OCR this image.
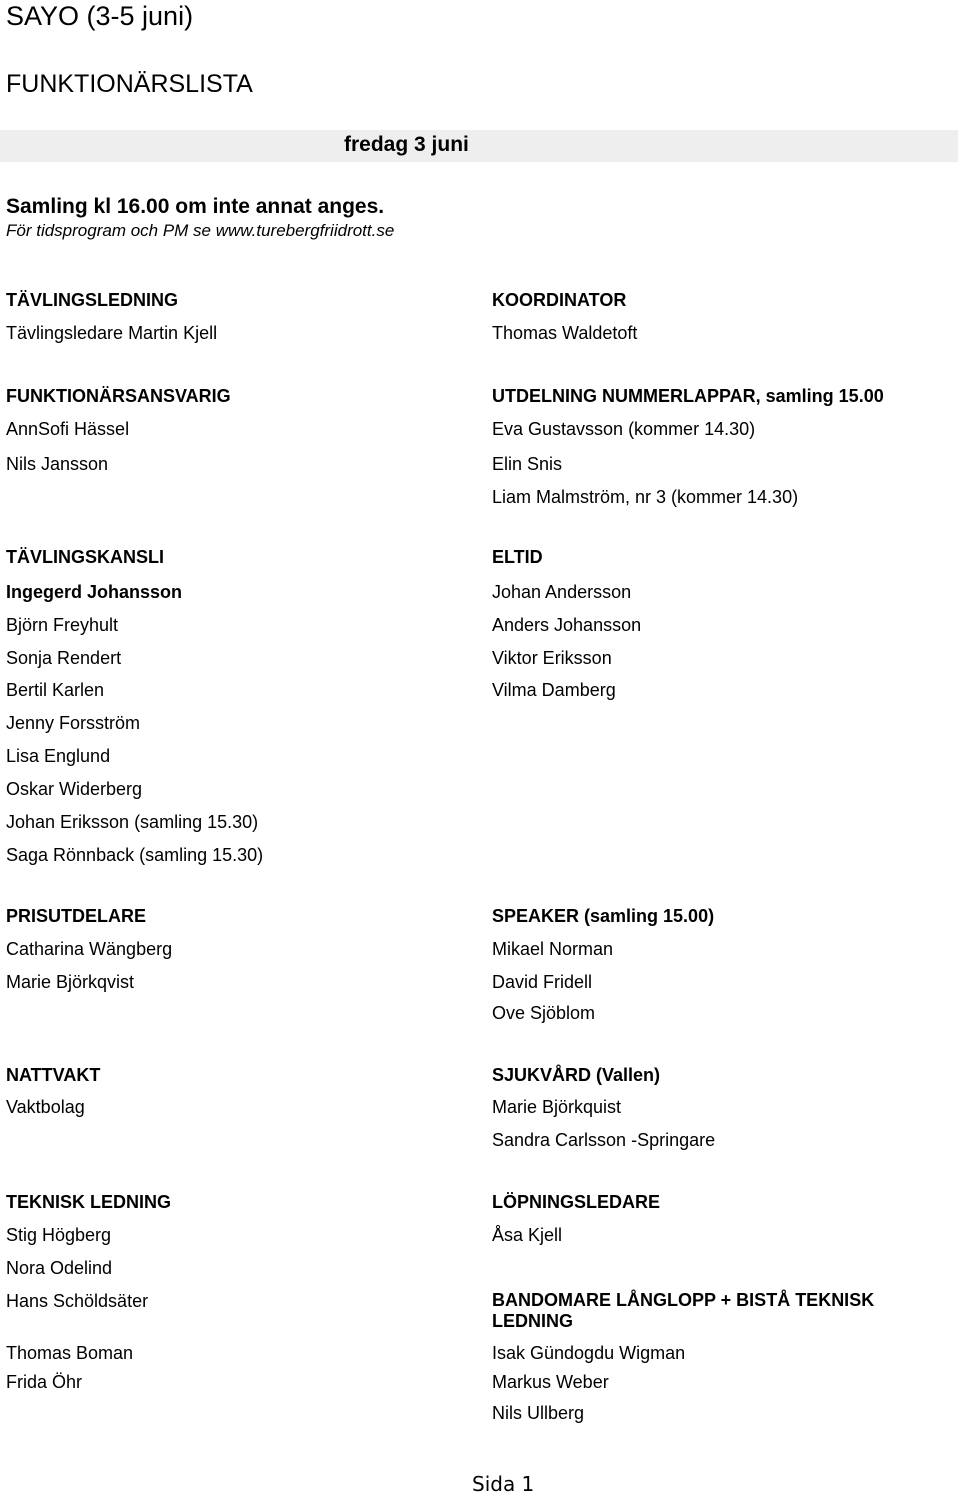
SAYO (3-5 juni)
FUNKTIONÄRSLISTA
fredag 3 juni
Samling kl 16.00 om inte annat anges.
För tidsprogram och PM se www.turebergfriidrott.se
TÄVLINGSLEDNING
Tävlingsledare Martin Kjell
FUNKTIONÄRSANSVARIG
AnnSofi Hässel
Nils Jansson
TÄVLINGSKANSLI
Ingegerd Johansson
Björn Freyhult
Sonja Rendert
Bertil Karlen
Jenny Forsström
Lisa Englund
Oskar Widerberg
Johan Eriksson (samling 15.30)
Saga Rönnback (samling 15.30)
PRISUTDELARE
Catharina Wängberg
Marie Björkqvist
NATTVAKT
Vaktbolag
TEKNISK LEDNING
Stig Högberg
Nora Odelind
Hans Schöldsäter
Thomas Boman
Frida Öhr
KOORDINATOR
Thomas Waldetoft
UTDELNING NUMMERLAPPAR, samling 15.00
Eva Gustavsson (kommer 14.30)
Elin Snis
Liam Malmström, nr 3 (kommer 14.30)
ELTID
Johan Andersson
Anders Johansson
Viktor Eriksson
Vilma Damberg
SPEAKER (samling 15.00)
Mikael Norman
David Fridell
Ove Sjöblom
SJUKVÅRD (Vallen)
Marie Björkquist
Sandra Carlsson -Springare
LÖPNINGSLEDARE
Åsa Kjell
BANDOMARE LÅNGLOPP + BISTÅ TEKNISK LEDNING
Isak Gündogdu Wigman
Markus Weber
Nils Ullberg
Sida 1
